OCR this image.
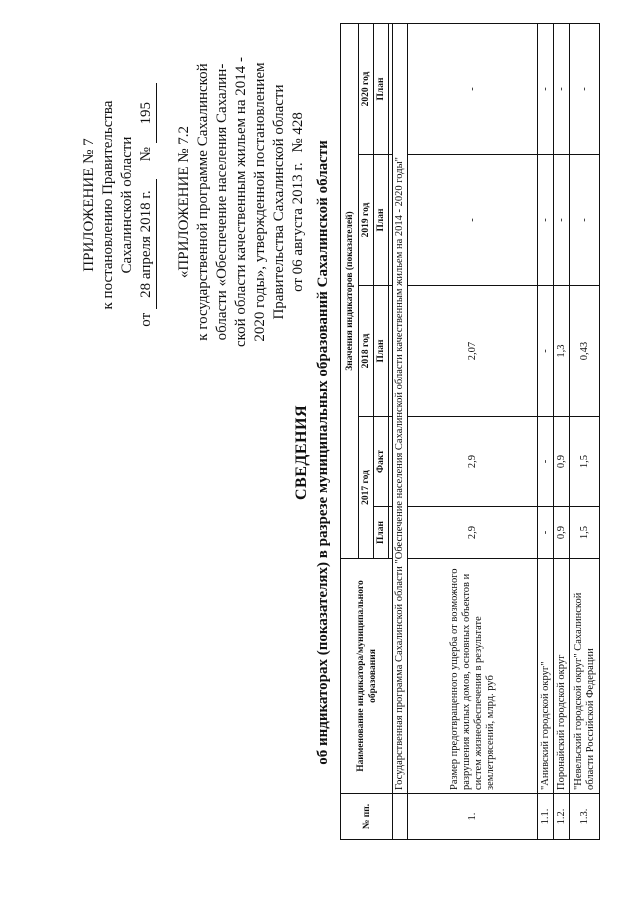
ПРИЛОЖЕНИЕ № 7 к постановлению Правительства Сахалинской области
от 28 апреля 2018 г. № 195
«ПРИЛОЖЕНИЕ № 7.2 к государственной программе Сахалинской области «Обеспечение населения Сахалин- ской области качественным жильем на 2014 - 2020 годы», утвержденной постановлением Правительства Сахалинской области от 06 августа 2013 г. № 428
СВЕДЕНИЯ об индикаторах (показателях) в разрезе муниципальных образований Сахалинской области
№ пп.	Наименование индикатора/муниципального образования	Значения индикаторов (показателей)				
		2017 год		2018 год	2019 год	2020 год
		План	Факт	План	План	План

	Государственная программа Сахалинской области "Обеспечение населения Сахалинской области качественным жильем на 2014 - 2020 годы"					
1.	Размер предотвращенного ущерба от возможного разрушения жилых домов, основных объектов и систем жизнеобеспечения в результате землетрясений, млрд. руб	2,9	2,9	2,07	-	-
1.1.	"Анивский городской округ"	-	-	-	-	-
1.2.	Поронайский городской округ	0,9	0,9	1,3	-	-
1.3.	"Невельский городской округ" Сахалинской области Российской Федерации	1,5	1,5	0,43	-	-
